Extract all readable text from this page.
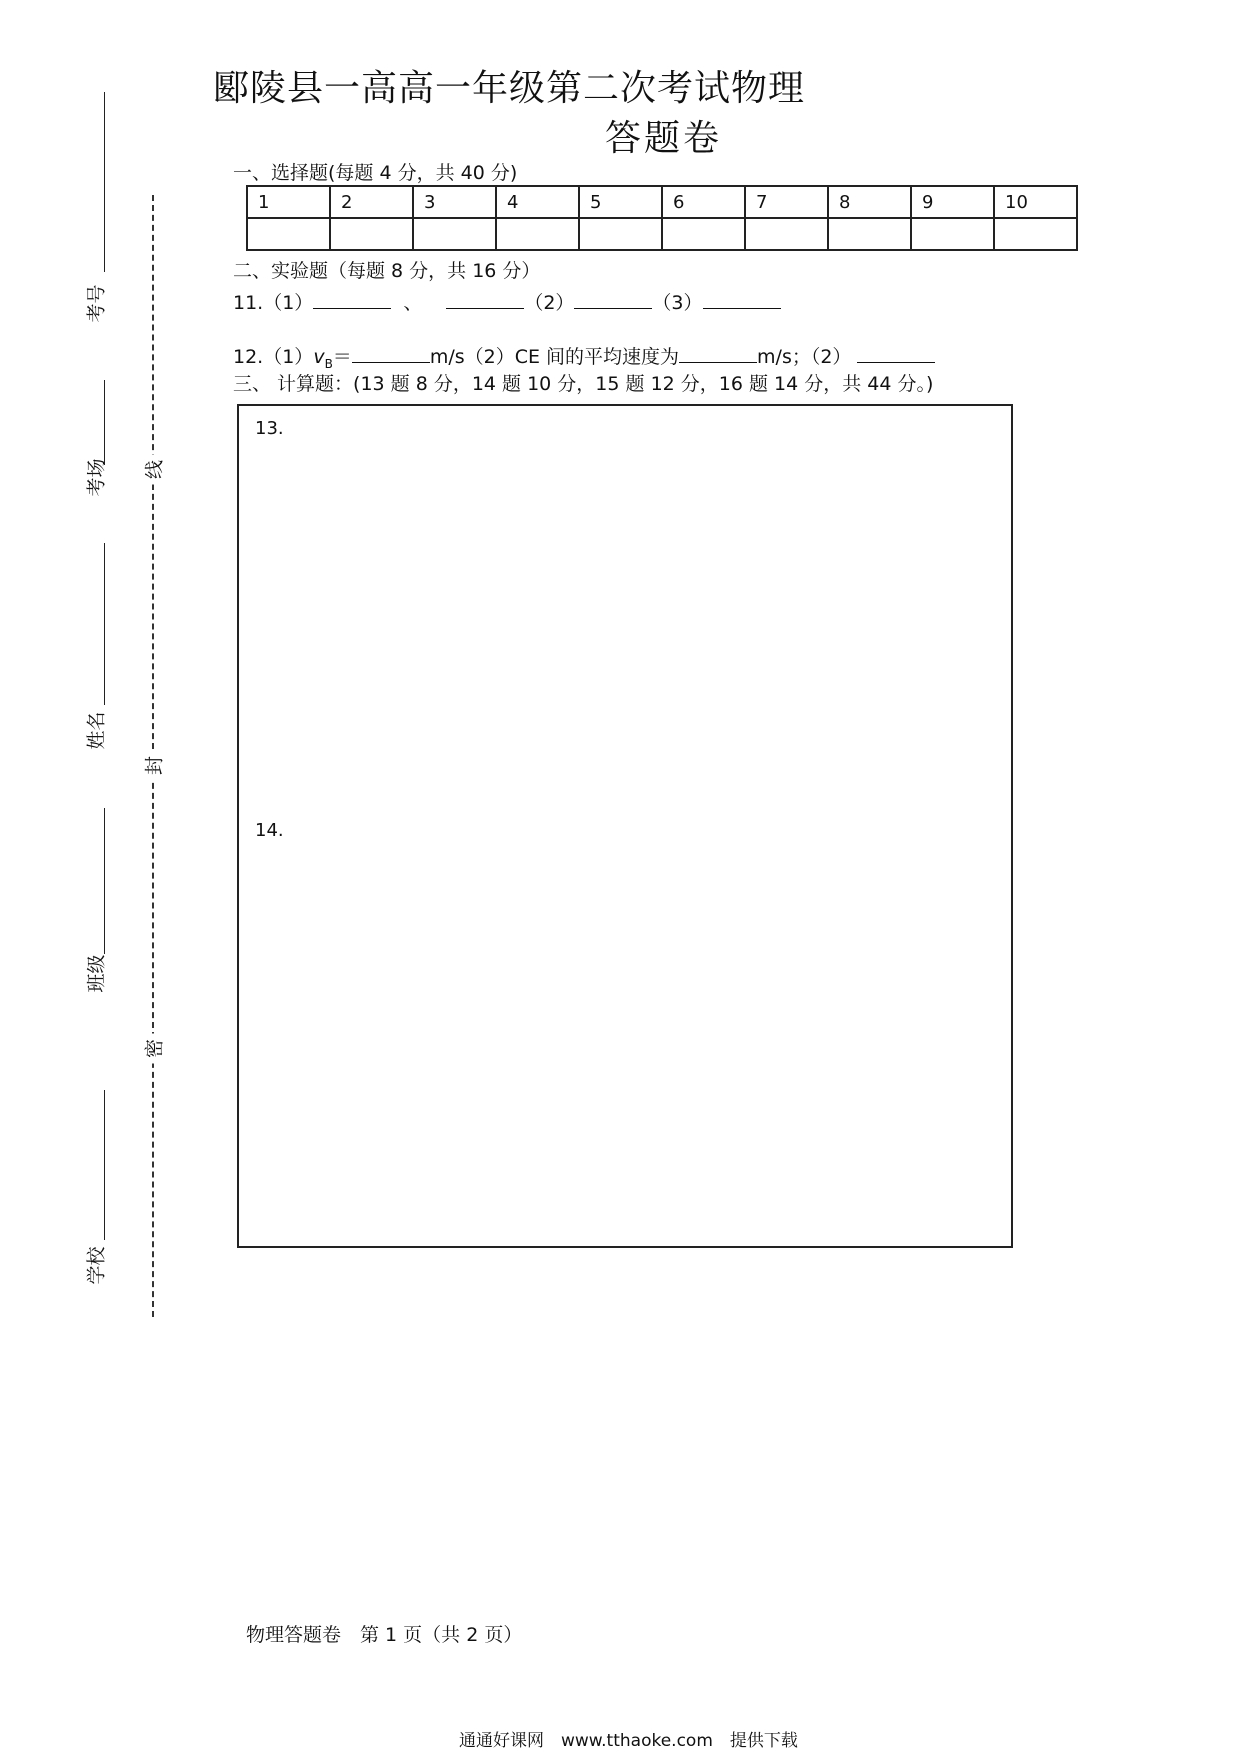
郾陵县一高高一年级第二次考试物理
答题卷
一、选择题(每题 4 分，共 40 分)
1	2	3	4	5	6	7	8	9	10

二、实验题（每题 8 分，共 16 分）
11.（1）	、	（2）	（3）
$12.(1)v_B=$	m/s（2）CE 间的平均速度为	m/s；（2）
三、 计算题：(13 题 8 分，14 题 10 分，15 题 12 分，16 题 14 分，共 44 分。)
13.
14.
考号
考场
姓名
班级
学校
线
封
密
物理答题卷　第 1 页（共 2 页）
通通好课网　www.tthaoke.com　提供下载
